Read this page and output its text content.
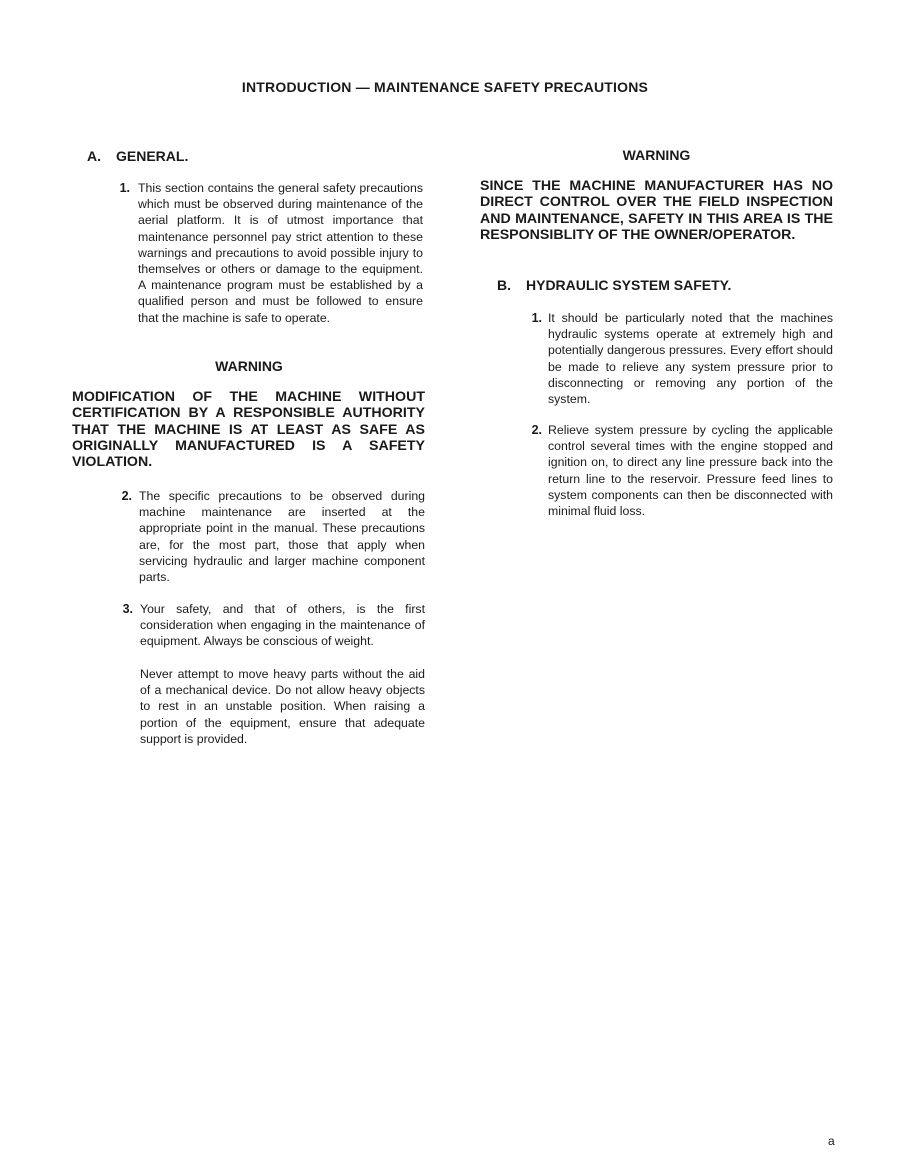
INTRODUCTION — MAINTENANCE SAFETY PRECAUTIONS
A. GENERAL.
1. This section contains the general safety precautions which must be observed during maintenance of the aerial platform. It is of utmost importance that maintenance personnel pay strict attention to these warnings and precautions to avoid possible injury to themselves or others or damage to the equipment. A maintenance program must be established by a qualified person and must be followed to ensure that the machine is safe to operate.
WARNING
MODIFICATION OF THE MACHINE WITHOUT CERTIFICATION BY A RESPONSIBLE AUTHORITY THAT THE MACHINE IS AT LEAST AS SAFE AS ORIGINALLY MANUFACTURED IS A SAFETY VIOLATION.
2. The specific precautions to be observed during machine maintenance are inserted at the appropriate point in the manual. These precautions are, for the most part, those that apply when servicing hydraulic and larger machine component parts.
3. Your safety, and that of others, is the first consideration when engaging in the maintenance of equipment. Always be conscious of weight.
Never attempt to move heavy parts without the aid of a mechanical device. Do not allow heavy objects to rest in an unstable position. When raising a portion of the equipment, ensure that adequate support is provided.
WARNING
SINCE THE MACHINE MANUFACTURER HAS NO DIRECT CONTROL OVER THE FIELD INSPECTION AND MAINTENANCE, SAFETY IN THIS AREA IS THE RESPONSIBLITY OF THE OWNER/OPERATOR.
B. HYDRAULIC SYSTEM SAFETY.
1. It should be particularly noted that the machines hydraulic systems operate at extremely high and potentially dangerous pressures. Every effort should be made to relieve any system pressure prior to disconnecting or removing any portion of the system.
2. Relieve system pressure by cycling the applicable control several times with the engine stopped and ignition on, to direct any line pressure back into the return line to the reservoir. Pressure feed lines to system components can then be disconnected with minimal fluid loss.
a
